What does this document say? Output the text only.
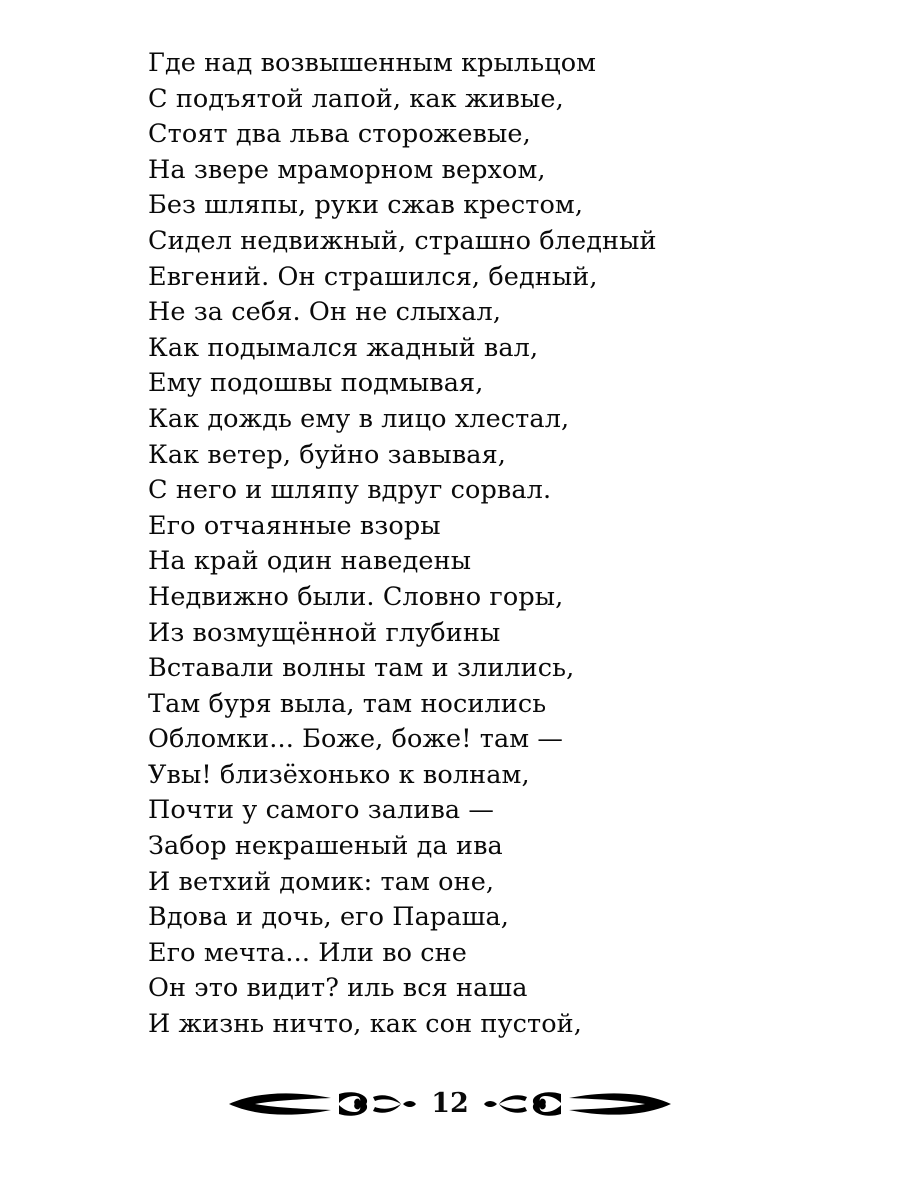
Где над возвышенным крыльцом
С подъятой лапой, как живые,
Стоят два льва сторожевые,
На звере мраморном верхом,
Без шляпы, руки сжав крестом,
Сидел недвижный, страшно бледный
Евгений. Он страшился, бедный,
Не за себя. Он не слыхал,
Как подымался жадный вал,
Ему подошвы подмывая,
Как дождь ему в лицо хлестал,
Как ветер, буйно завывая,
С него и шляпу вдруг сорвал.
Его отчаянные взоры
На край один наведены
Недвижно были. Словно горы,
Из возмущённой глубины
Вставали волны там и злились,
Там буря выла, там носились
Обломки... Боже, боже! там —
Увы! близёхонько к волнам,
Почти у самого залива —
Забор некрашеный да ива
И ветхий домик: там оне,
Вдова и дочь, его Параша,
Его мечта... Или во сне
Он это видит? иль вся наша
И жизнь ничто, как сон пустой,
12
